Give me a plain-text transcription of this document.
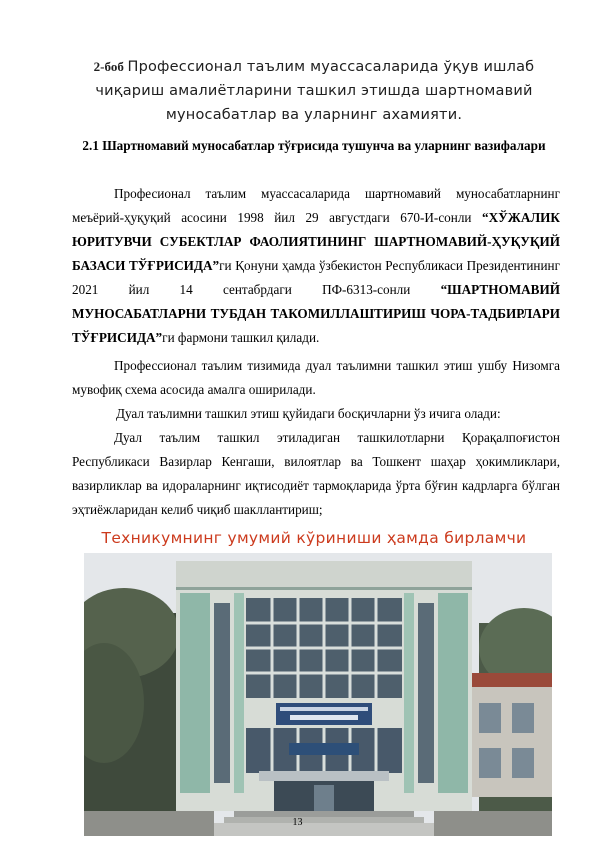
2-боб Профессионал таълим муассасаларида ўқув ишлаб чиқариш амалиётларини ташкил этишда шартномавий муносабатлар ва уларнинг ахамияти.
2.1 Шартномавий муносабатлар тўғрисида тушунча ва уларнинг вазифалари

Професионал таълим муассасаларида шартномавий муносабатларнинг меъёрий-ҳуқуқий асосини 1998 йил 29 августдаги 670-И-сонли “ХЎЖАЛИК ЮРИТУВЧИ СУБЕКТЛАР ФАОЛИЯТИНИНГ ШАРТНОМАВИЙ-ҲУҚУҚИЙ БАЗАСИ ТЎҒРИСИДА”ги Қонуни ҳамда ўзбекистон Республикаси Президентининг 2021 йил 14 сентабрдаги ПФ-6313-сонли “ШАРТНОМАВИЙ МУНОСАБАТЛАРНИ ТУБДАН ТАКОМИЛЛАШТИРИШ ЧОРА-ТАДБИРЛАРИ ТЎҒРИСИДА”ги фармони ташкил қилади.

Профессионал таълим тизимида дуал таълимни ташкил этиш ушбу Низомга мувофиқ схема асосида амалга оширилади.

Дуал таълимни ташкил этиш қуйидаги босқичларни ўз ичига олади:

Дуал таълим ташкил этиладиган ташкилотларни Қорақалпоғистон Республикаси Вазирлар Кенгаши, вилоятлар ва Тошкент шаҳар ҳокимликлари, вазирликлар ва идораларнинг иқтисодиёт тармоқларида ўрта бўғин кадрларга бўлган эҳтиёжларидан келиб чиқиб шакллантириш;

Техникумнинг умумий кўриниши ҳамда бирламчи
13
